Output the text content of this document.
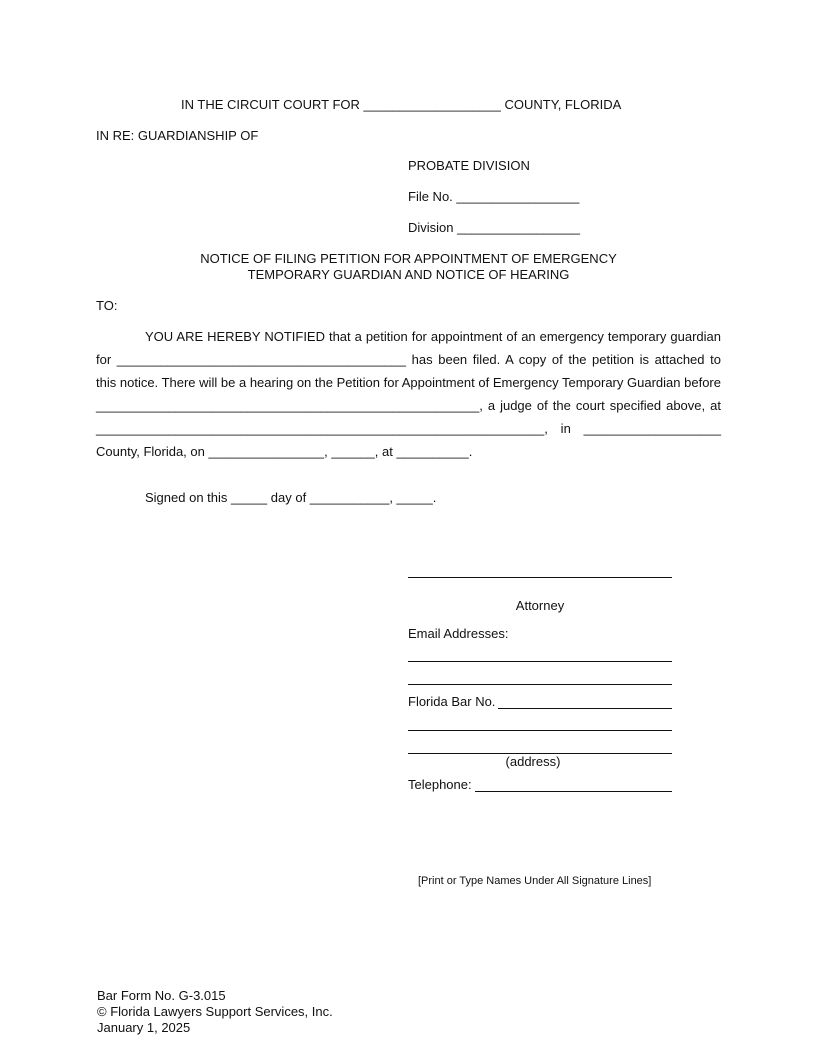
IN THE CIRCUIT COURT FOR ___________________ COUNTY, FLORIDA
IN RE: GUARDIANSHIP OF
PROBATE DIVISION
File No. _________________
Division _________________
NOTICE OF FILING PETITION FOR APPOINTMENT OF EMERGENCY
TEMPORARY GUARDIAN AND NOTICE OF HEARING
TO:
YOU ARE HEREBY NOTIFIED that a petition for appointment of an emergency temporary guardian
for ________________________________________ has been filed. A copy of the petition is attached to
this notice. There will be a hearing on the Petition for Appointment of Emergency Temporary Guardian before
_____________________________________________________, a judge of the court specified above, at
______________________________________________________________, in ___________________
County, Florida, on ________________, ______, at __________.
Signed on this _____ day of ___________, _____.
Attorney
Email Addresses:
Florida Bar No.
(address)
Telephone:
[Print or Type Names Under All Signature Lines]
Bar Form No. G-3.015
© Florida Lawyers Support Services, Inc.
January 1, 2025
